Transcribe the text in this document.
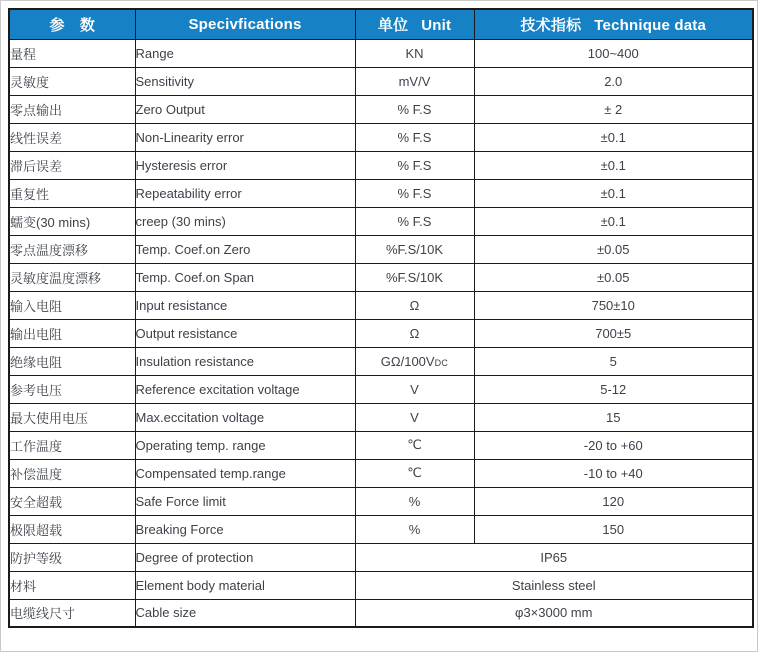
参　数	Specivfications	单位 Unit	技术指标 Technique data
量程	Range	KN	100~400
灵敏度	Sensitivity	mV/V	2.0
零点输出	Zero Output	% F.S	± 2
线性误差	Non-Linearity error	% F.S	±0.1
滞后误差	Hysteresis error	% F.S	±0.1
重复性	Repeatability error	% F.S	±0.1
蠕变(30 mins)	creep (30 mins)	% F.S	±0.1
零点温度漂移	Temp. Coef.on Zero	%F.S/10K	±0.05
灵敏度温度漂移	Temp. Coef.on Span	%F.S/10K	±0.05
输入电阻	Input resistance	Ω	750±10
输出电阻	Output resistance	Ω	700±5
绝缘电阻	Insulation resistance	GΩ/100VDC	5
参考电压	Reference excitation voltage	V	5-12
最大使用电压	Max.eccitation voltage	V	15
工作温度	Operating temp. range	℃	-20 to +60
补偿温度	Compensated temp.range	℃	-10 to +40
安全超载	Safe Force limit	%	120
极限超载	Breaking Force	%	150
防护等级	Degree of protection	IP65	
材料	Element body material	Stainless steel	
电缆线尺寸	Cable size	φ3×3000 mm	
